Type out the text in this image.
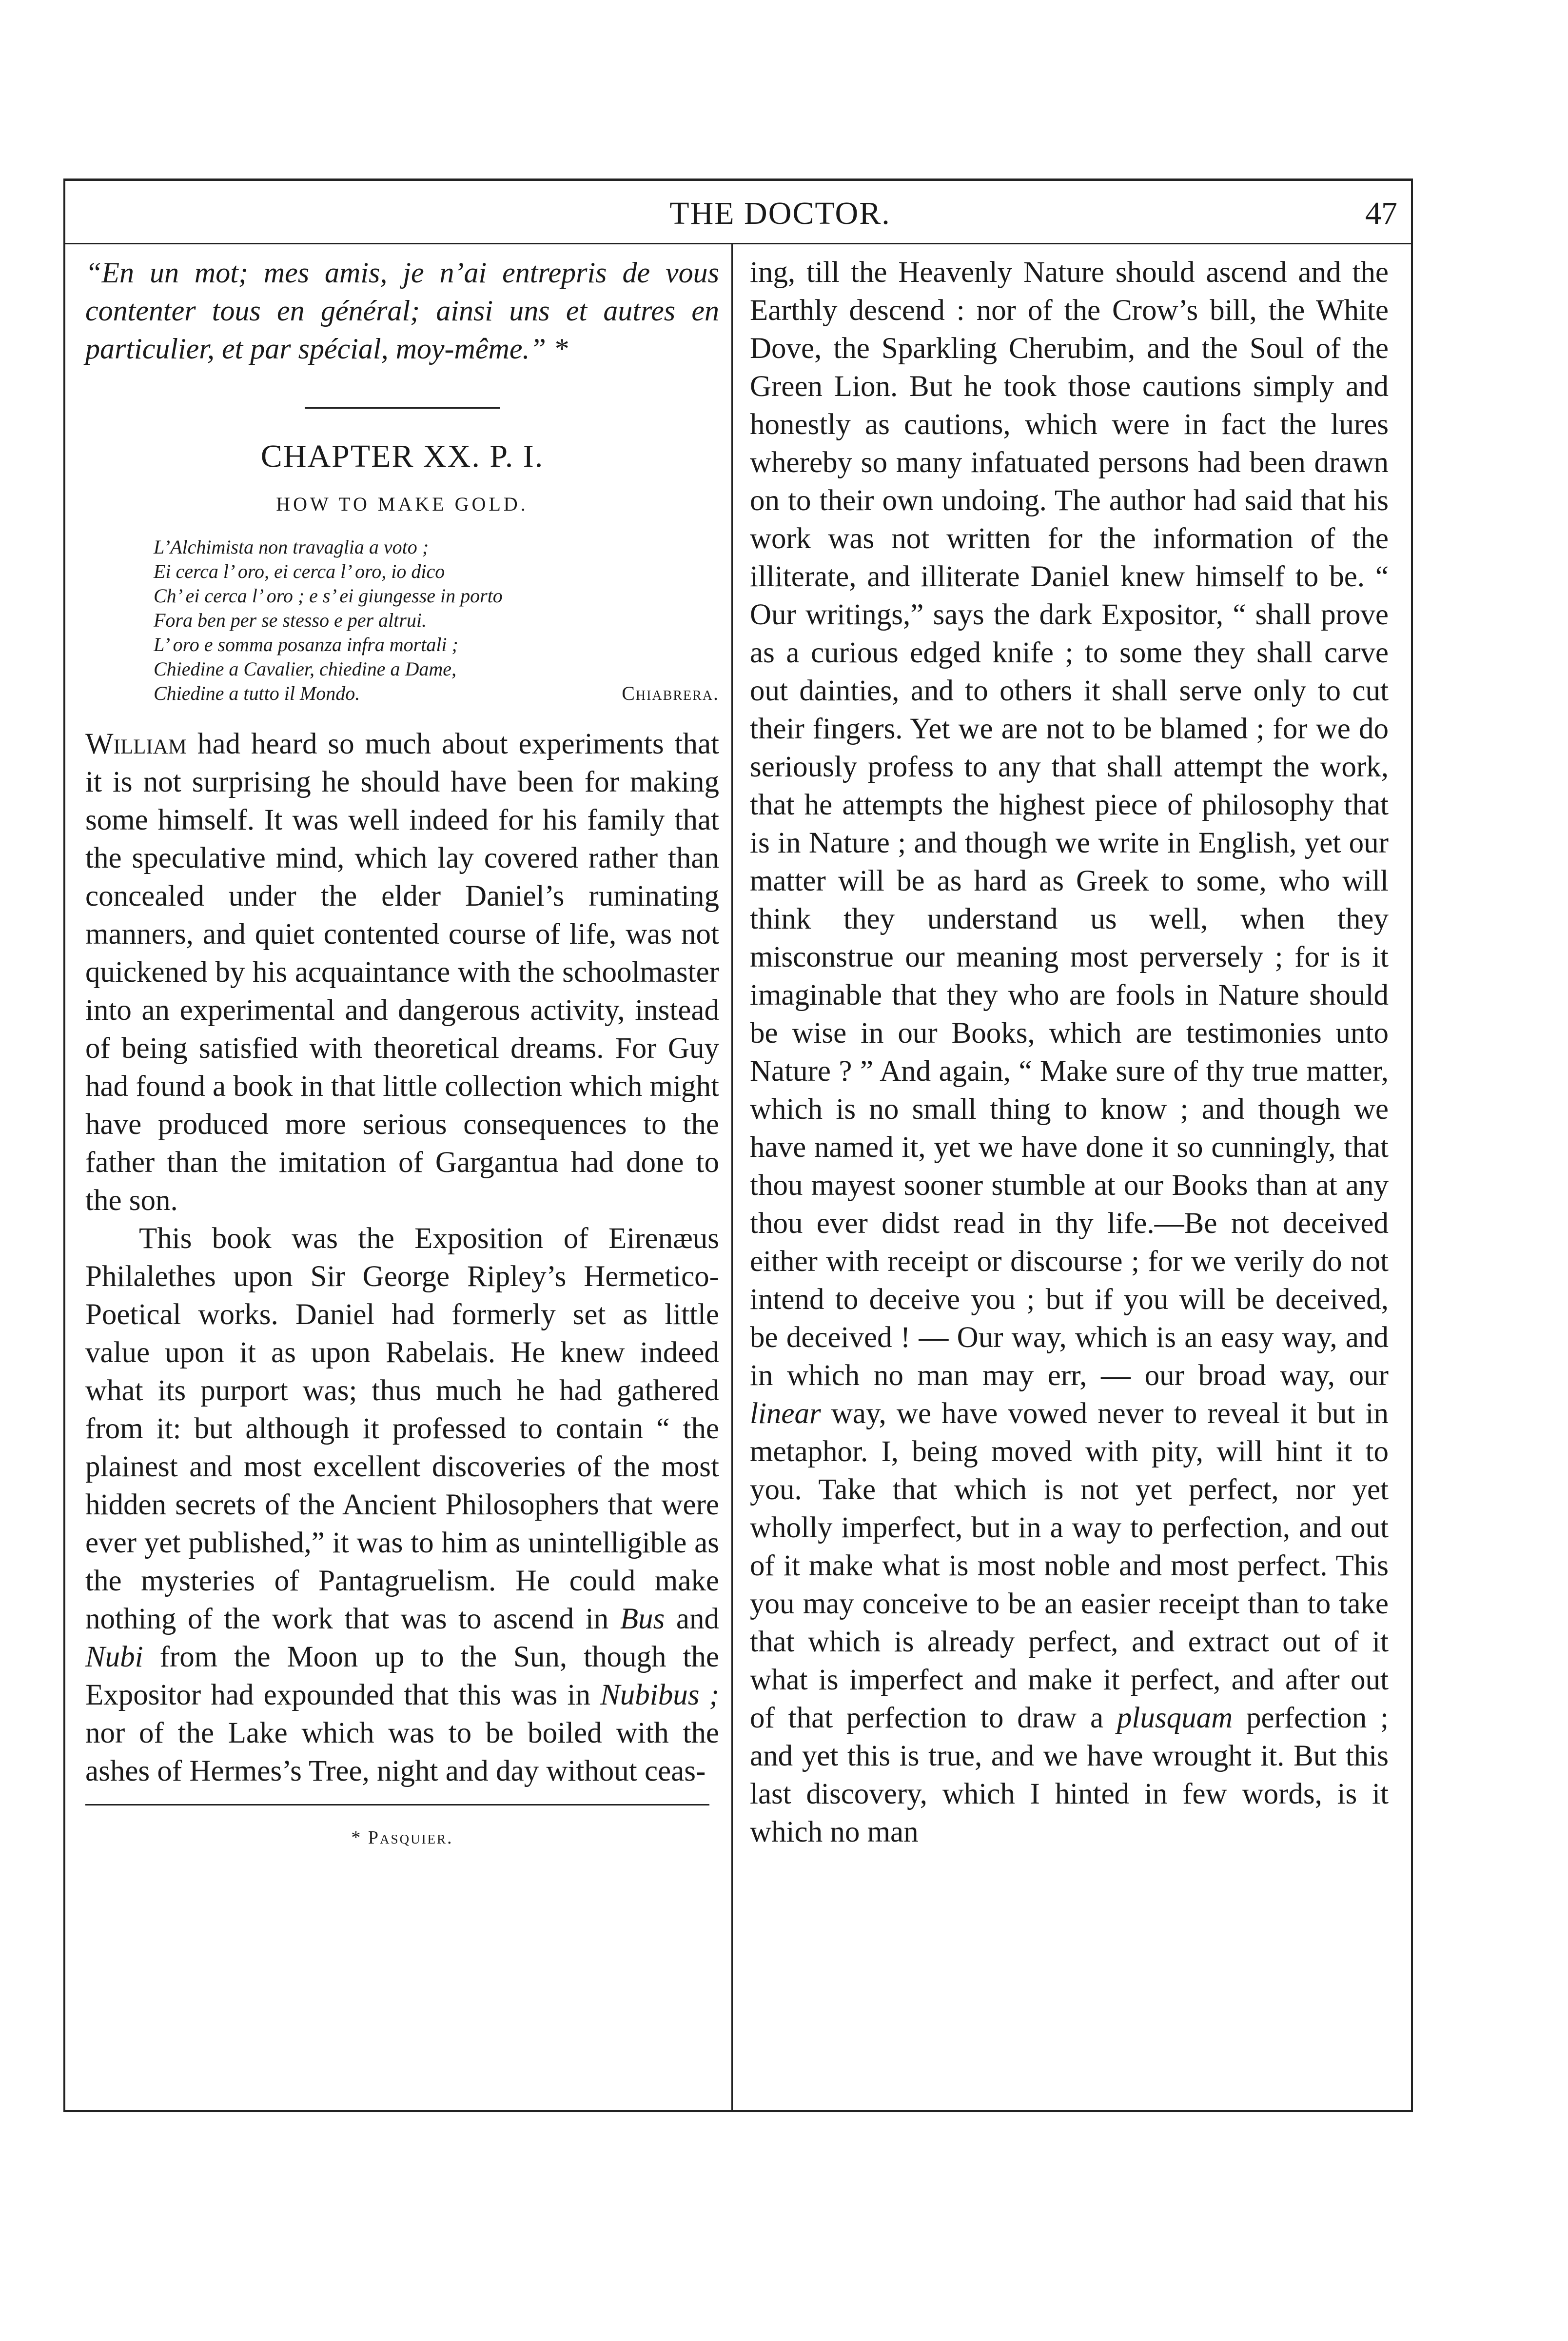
THE DOCTOR.	47

“En un mot; mes amis, je n’ai entrepris de vous contenter tous en général; ainsi uns et autres en particulier, et par spécial, moy-même.” *

CHAPTER XX. P. I.
HOW TO MAKE GOLD.
L’Alchimista non travaglia a voto ;
Ei cerca l’ oro, ei cerca l’ oro, io dico
Ch’ ei cerca l’ oro ; e s’ ei giungesse in porto
Fora ben per se stesso e per altrui.
L’ oro e somma posanza infra mortali ;
Chiedine a Cavalier, chiedine a Dame,
Chiedine a tutto il Mondo.	Chiabrera.

William had heard so much about experiments that it is not surprising he should have been for making some himself. It was well indeed for his family that the speculative mind, which lay covered rather than concealed under the elder Daniel’s ruminating manners, and quiet contented course of life, was not quickened by his acquaintance with the schoolmaster into an experimental and dangerous activity, instead of being satisfied with theoretical dreams. For Guy had found a book in that little collection which might have produced more serious consequences to the father than the imitation of Gargantua had done to the son.

This book was the Exposition of Eirenæus Philalethes upon Sir George Ripley’s Hermetico-Poetical works. Daniel had formerly set as little value upon it as upon Rabelais. He knew indeed what its purport was; thus much he had gathered from it: but although it professed to contain “ the plainest and most excellent discoveries of the most hidden secrets of the Ancient Philosophers that were ever yet published,” it was to him as unintelligible as the mysteries of Pantagruelism. He could make nothing of the work that was to ascend in Bus and Nubi from the Moon up to the Sun, though the Expositor had expounded that this was in Nubibus ; nor of the Lake which was to be boiled with the ashes of Hermes’s Tree, night and day without ceas-

* Pasquier.

ing, till the Heavenly Nature should ascend and the Earthly descend : nor of the Crow’s bill, the White Dove, the Sparkling Cherubim, and the Soul of the Green Lion. But he took those cautions simply and honestly as cautions, which were in fact the lures whereby so many infatuated persons had been drawn on to their own undoing. The author had said that his work was not written for the information of the illiterate, and illiterate Daniel knew himself to be. “ Our writings,” says the dark Expositor, “ shall prove as a curious edged knife ; to some they shall carve out dainties, and to others it shall serve only to cut their fingers. Yet we are not to be blamed ; for we do seriously profess to any that shall attempt the work, that he attempts the highest piece of philosophy that is in Nature ; and though we write in English, yet our matter will be as hard as Greek to some, who will think they understand us well, when they misconstrue our meaning most perversely ; for is it imaginable that they who are fools in Nature should be wise in our Books, which are testimonies unto Nature ? ” And again, “ Make sure of thy true matter, which is no small thing to know ; and though we have named it, yet we have done it so cunningly, that thou mayest sooner stumble at our Books than at any thou ever didst read in thy life.—Be not deceived either with receipt or discourse ; for we verily do not intend to deceive you ; but if you will be deceived, be deceived ! — Our way, which is an easy way, and in which no man may err, — our broad way, our linear way, we have vowed never to reveal it but in metaphor. I, being moved with pity, will hint it to you. Take that which is not yet perfect, nor yet wholly imperfect, but in a way to perfection, and out of it make what is most noble and most perfect. This you may conceive to be an easier receipt than to take that which is already perfect, and extract out of it what is imperfect and make it perfect, and after out of that perfection to draw a plusquam perfection ; and yet this is true, and we have wrought it. But this last discovery, which I hinted in few words, is it which no man
